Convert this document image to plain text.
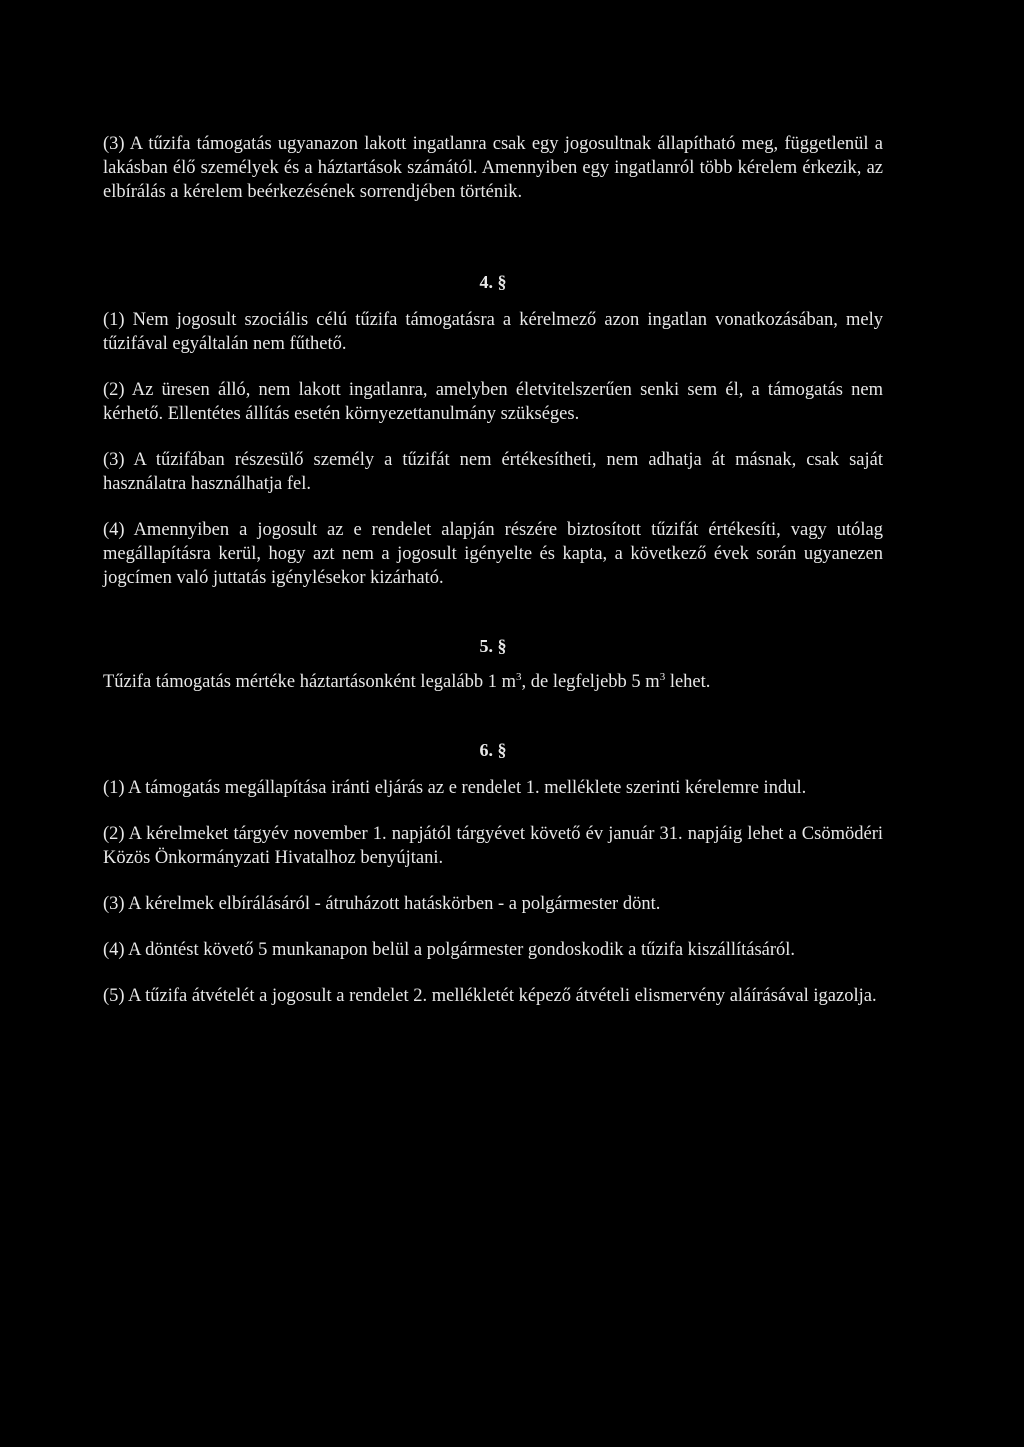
(3) A tűzifa támogatás ugyanazon lakott ingatlanra csak egy jogosultnak állapítható meg, függetlenül a lakásban élő személyek és a háztartások számától. Amennyiben egy ingatlanról több kérelem érkezik, az elbírálás a kérelem beérkezésének sorrendjében történik.

4. §

(1) Nem jogosult szociális célú tűzifa támogatásra a kérelmező azon ingatlan vonatkozásában, mely tűzifával egyáltalán nem fűthető.

(2) Az üresen álló, nem lakott ingatlanra, amelyben életvitelszerűen senki sem él, a támogatás nem kérhető. Ellentétes állítás esetén környezettanulmány szükséges.

(3) A tűzifában részesülő személy a tűzifát nem értékesítheti, nem adhatja át másnak, csak saját használatra használhatja fel.

(4) Amennyiben a jogosult az e rendelet alapján részére biztosított tűzifát értékesíti, vagy utólag megállapításra kerül, hogy azt nem a jogosult igényelte és kapta, a következő évek során ugyanezen jogcímen való juttatás igénylésekor kizárható.

5. §

Tűzifa támogatás mértéke háztartásonként legalább 1 $m^3$, de legfeljebb 5 $m^3$ lehet.

6. §

(1) A támogatás megállapítása iránti eljárás az e rendelet 1. melléklete szerinti kérelemre indul.

(2) A kérelmeket tárgyév november 1. napjától tárgyévet követő év január 31. napjáig lehet a Csömödéri Közös Önkormányzati Hivatalhoz benyújtani.

(3) A kérelmek elbírálásáról - átruházott hatáskörben - a polgármester dönt.

(4) A döntést követő 5 munkanapon belül a polgármester gondoskodik a tűzifa kiszállításáról.

(5) A tűzifa átvételét a jogosult a rendelet 2. mellékletét képező átvételi elismervény aláírásával igazolja.
